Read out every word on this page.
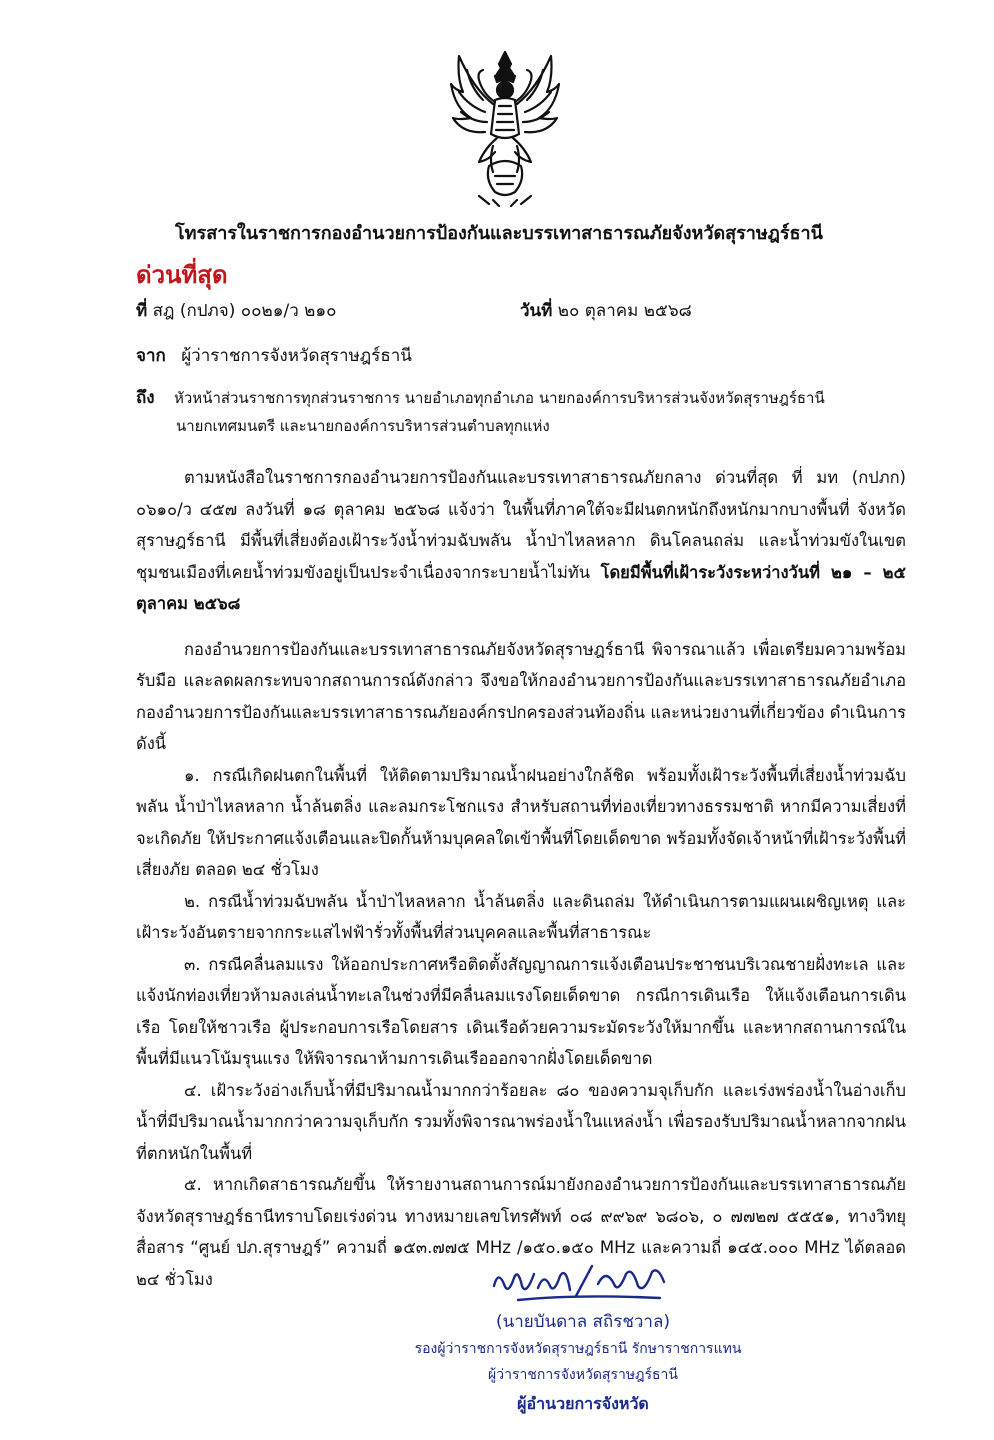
โทรสารในราชการกองอำนวยการป้องกันและบรรเทาสาธารณภัยจังหวัดสุราษฎร์ธานี
ด่วนที่สุด
ที่ สฎ (กปภจ) ๐๐๒๑/ว ๒๑๐	วันที่ ๒๐ ตุลาคม ๒๕๖๘
จาก ผู้ว่าราชการจังหวัดสุราษฎร์ธานี
ถึง หัวหน้าส่วนราชการทุกส่วนราชการ นายอำเภอทุกอำเภอ นายกองค์การบริหารส่วนจังหวัดสุราษฎร์ธานี
นายกเทศมนตรี และนายกองค์การบริหารส่วนตำบลทุกแห่ง

ตามหนังสือในราชการกองอำนวยการป้องกันและบรรเทาสาธารณภัยกลาง ด่วนที่สุด ที่ มท (กปภก) ๐๖๑๐/ว ๔๕๗ ลงวันที่ ๑๘ ตุลาคม ๒๕๖๘ แจ้งว่า ในพื้นที่ภาคใต้จะมีฝนตกหนักถึงหนักมากบางพื้นที่ จังหวัดสุราษฎร์ธานี มีพื้นที่เสี่ยงต้องเฝ้าระวังน้ำท่วมฉับพลัน น้ำป่าไหลหลาก ดินโคลนถล่ม และน้ำท่วมขังในเขตชุมชนเมืองที่เคยน้ำท่วมขังอยู่เป็นประจำเนื่องจากระบายน้ำไม่ทัน โดยมีพื้นที่เฝ้าระวังระหว่างวันที่ ๒๑ – ๒๕ ตุลาคม ๒๕๖๘

กองอำนวยการป้องกันและบรรเทาสาธารณภัยจังหวัดสุราษฎร์ธานี พิจารณาแล้ว เพื่อเตรียมความพร้อมรับมือ และลดผลกระทบจากสถานการณ์ดังกล่าว จึงขอให้กองอำนวยการป้องกันและบรรเทาสาธารณภัยอำเภอ กองอำนวยการป้องกันและบรรเทาสาธารณภัยองค์กรปกครองส่วนท้องถิ่น และหน่วยงานที่เกี่ยวข้อง ดำเนินการ ดังนี้

๑. กรณีเกิดฝนตกในพื้นที่ ให้ติดตามปริมาณน้ำฝนอย่างใกล้ชิด พร้อมทั้งเฝ้าระวังพื้นที่เสี่ยงน้ำท่วมฉับพลัน น้ำป่าไหลหลาก น้ำล้นตลิ่ง และลมกระโชกแรง สำหรับสถานที่ท่องเที่ยวทางธรรมชาติ หากมีความเสี่ยงที่จะเกิดภัย ให้ประกาศแจ้งเตือนและปิดกั้นห้ามบุคคลใดเข้าพื้นที่โดยเด็ดขาด พร้อมทั้งจัดเจ้าหน้าที่เฝ้าระวังพื้นที่เสี่ยงภัย ตลอด ๒๔ ชั่วโมง

๒. กรณีน้ำท่วมฉับพลัน น้ำป่าไหลหลาก น้ำล้นตลิ่ง และดินถล่ม ให้ดำเนินการตามแผนเผชิญเหตุ และเฝ้าระวังอันตรายจากกระแสไฟฟ้ารั่วทั้งพื้นที่ส่วนบุคคลและพื้นที่สาธารณะ

๓. กรณีคลื่นลมแรง ให้ออกประกาศหรือติดตั้งสัญญาณการแจ้งเตือนประชาชนบริเวณชายฝั่งทะเล และแจ้งนักท่องเที่ยวห้ามลงเล่นน้ำทะเลในช่วงที่มีคลื่นลมแรงโดยเด็ดขาด กรณีการเดินเรือ ให้แจ้งเตือนการเดินเรือ โดยให้ชาวเรือ ผู้ประกอบการเรือโดยสาร เดินเรือด้วยความระมัดระวังให้มากขึ้น และหากสถานการณ์ในพื้นที่มีแนวโน้มรุนแรง ให้พิจารณาห้ามการเดินเรือออกจากฝั่งโดยเด็ดขาด

๔. เฝ้าระวังอ่างเก็บน้ำที่มีปริมาณน้ำมากกว่าร้อยละ ๘๐ ของความจุเก็บกัก และเร่งพร่องน้ำในอ่างเก็บน้ำที่มีปริมาณน้ำมากกว่าความจุเก็บกัก รวมทั้งพิจารณาพร่องน้ำในแหล่งน้ำ เพื่อรองรับปริมาณน้ำหลากจากฝนที่ตกหนักในพื้นที่

๕. หากเกิดสาธารณภัยขึ้น ให้รายงานสถานการณ์มายังกองอำนวยการป้องกันและบรรเทาสาธารณภัยจังหวัดสุราษฎร์ธานีทราบโดยเร่งด่วน ทางหมายเลขโทรศัพท์ ๐๘ ๙๙๖๙ ๖๘๐๖, ๐ ๗๗๒๗ ๕๕๕๑, ทางวิทยุสื่อสาร “ศูนย์ ปภ.สุราษฎร์” ความถี่ ๑๕๓.๗๗๕ MHz /๑๕๐.๑๕๐ MHz และความถี่ ๑๔๕.๐๐๐ MHz ได้ตลอด ๒๔ ชั่วโมง

(นายบันดาล สถิรชวาล)
รองผู้ว่าราชการจังหวัดสุราษฎร์ธานี รักษาราชการแทน
ผู้ว่าราชการจังหวัดสุราษฎร์ธานี
ผู้อำนวยการจังหวัด
